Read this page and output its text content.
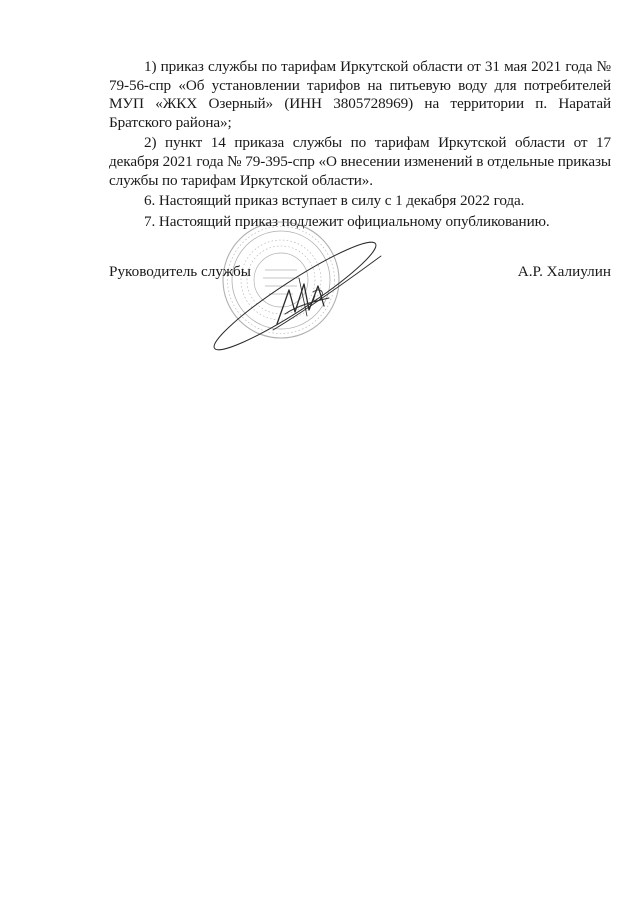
1) приказ службы по тарифам Иркутской области от 31 мая 2021 года № 79-56-спр «Об установлении тарифов на питьевую воду для потребителей МУП «ЖКХ Озерный» (ИНН 3805728969) на территории п. Наратай Братского района»;

2) пункт 14 приказа службы по тарифам Иркутской области от 17 декабря 2021 года № 79-395-спр «О внесении изменений в отдельные приказы службы по тарифам Иркутской области».

6. Настоящий приказ вступает в силу с 1 декабря 2022 года.

7. Настоящий приказ подлежит официальному опубликованию.

Руководитель службы	А.Р. Халиулин
